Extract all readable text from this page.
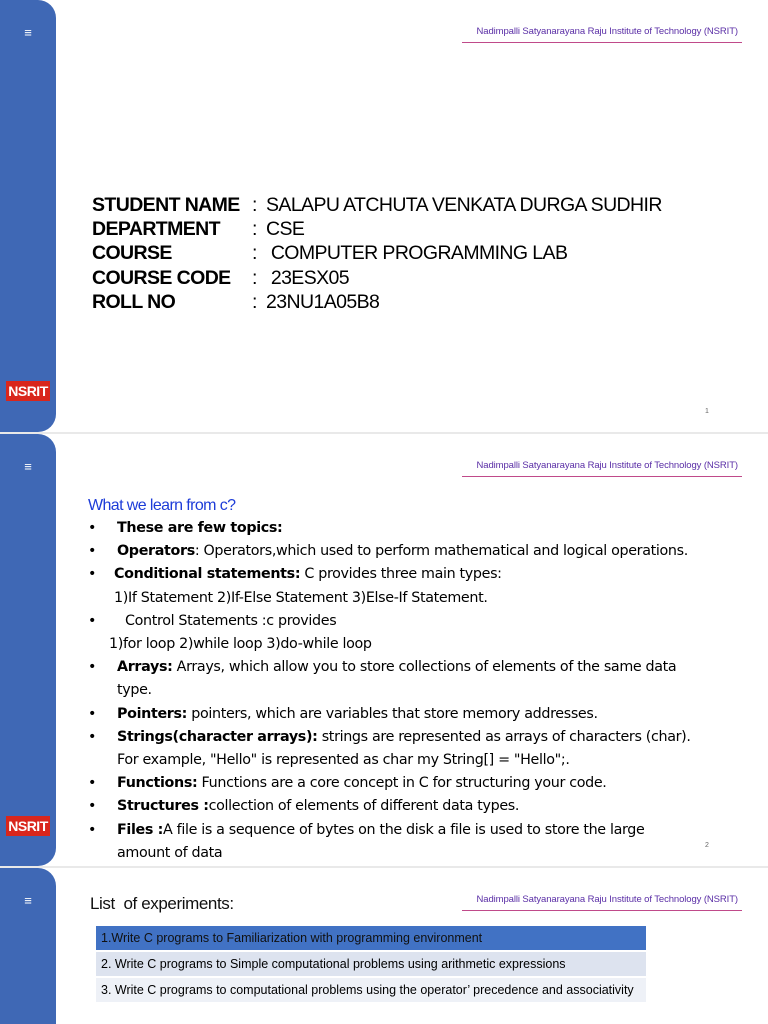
≡
NSRIT
Nadimpalli Satyanarayana Raju Institute of Technology (NSRIT)
STUDENT NAME : SALAPU ATCHUTA VENKATA DURGA SUDHIR
DEPARTMENT : CSE
COURSE	: COMPUTER PROGRAMMING LAB
COURSE CODE : 23ESX05
ROLL NO	: 23NU1A05B8
1
≡
NSRIT
Nadimpalli Satyanarayana Raju Institute of Technology (NSRIT)
What we learn from c?
• These are few topics:

• Operators: Operators,which used to perform mathematical and logical operations.

• Conditional statements: C provides three main types:

1)If Statement 2)If-Else Statement 3)Else-If Statement.
• Control Statements :c provides

1)for loop 2)while loop 3)do-while loop
• Arrays: Arrays, which allow you to store collections of elements of the same data

type.
• Pointers: pointers, which are variables that store memory addresses.

• Strings(character arrays): strings are represented as arrays of characters (char).

For example, "Hello" is represented as char my String[] = "Hello";.
• Functions: Functions are a core concept in C for structuring your code.

• Structures :collection of elements of different data types.

• Files :A file is a sequence of bytes on the disk a file is used to store the large

amount of data	2
≡	Nadimpalli Satyanarayana Raju Institute of Technology (NSRIT)
List  of experiments:
1.Write C programs to Familiarization with programming environment
2. Write C programs to Simple computational problems using arithmetic expressions
3. Write C programs to computational problems using the operator’ precedence and associativity
